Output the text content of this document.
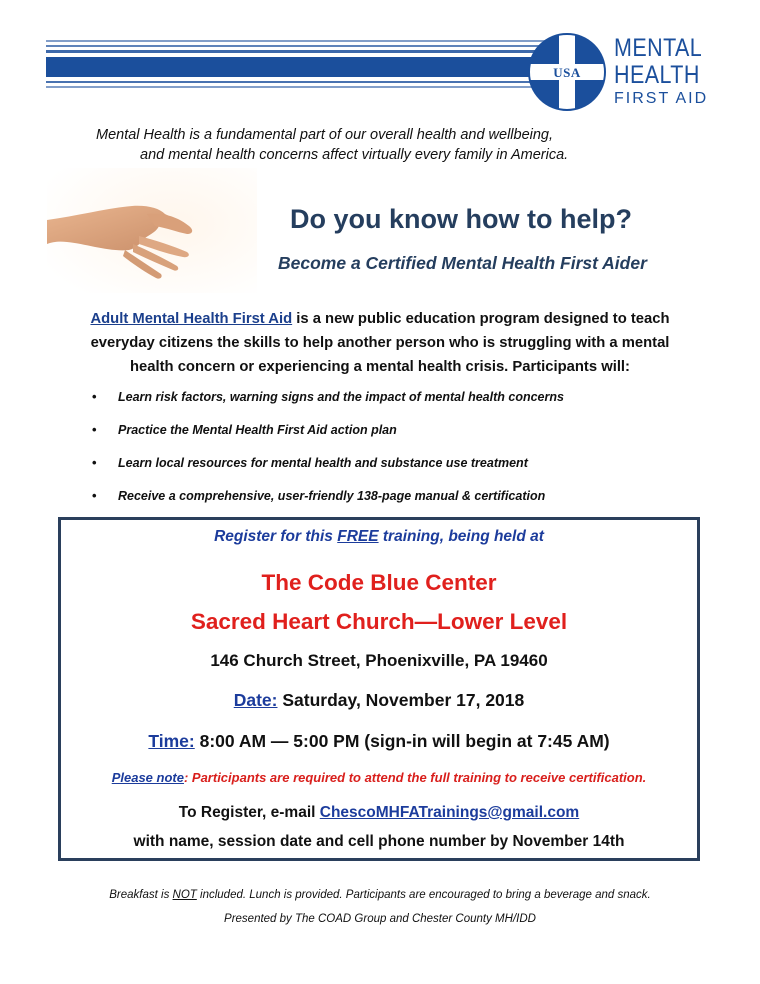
USA
MENTAL
HEALTH
FIRST AID
Mental Health is a fundamental part of our overall health and wellbeing,
and mental health concerns affect virtually every family in America.
Do you know how to help?
Become a Certified Mental Health First Aider
Adult Mental Health First Aid is a new public education program designed to teach everyday citizens the skills to help another person who is struggling with a mental health concern or experiencing a mental health crisis. Participants will:
• Learn risk factors, warning signs and the impact of mental health concerns
• Practice the Mental Health First Aid action plan
• Learn local resources for mental health and substance use treatment
• Receive a comprehensive, user-friendly 138-page manual & certification
Register for this FREE training, being held at
The Code Blue Center
Sacred Heart Church—Lower Level
146 Church Street, Phoenixville, PA 19460
Date: Saturday, November 17, 2018
Time: 8:00 AM — 5:00 PM (sign-in will begin at 7:45 AM)
Please note: Participants are required to attend the full training to receive certification.
To Register, e-mail ChescoMHFATrainings@gmail.com
with name, session date and cell phone number by November 14th
Breakfast is NOT included. Lunch is provided. Participants are encouraged to bring a beverage and snack.
Presented by The COAD Group and Chester County MH/IDD
